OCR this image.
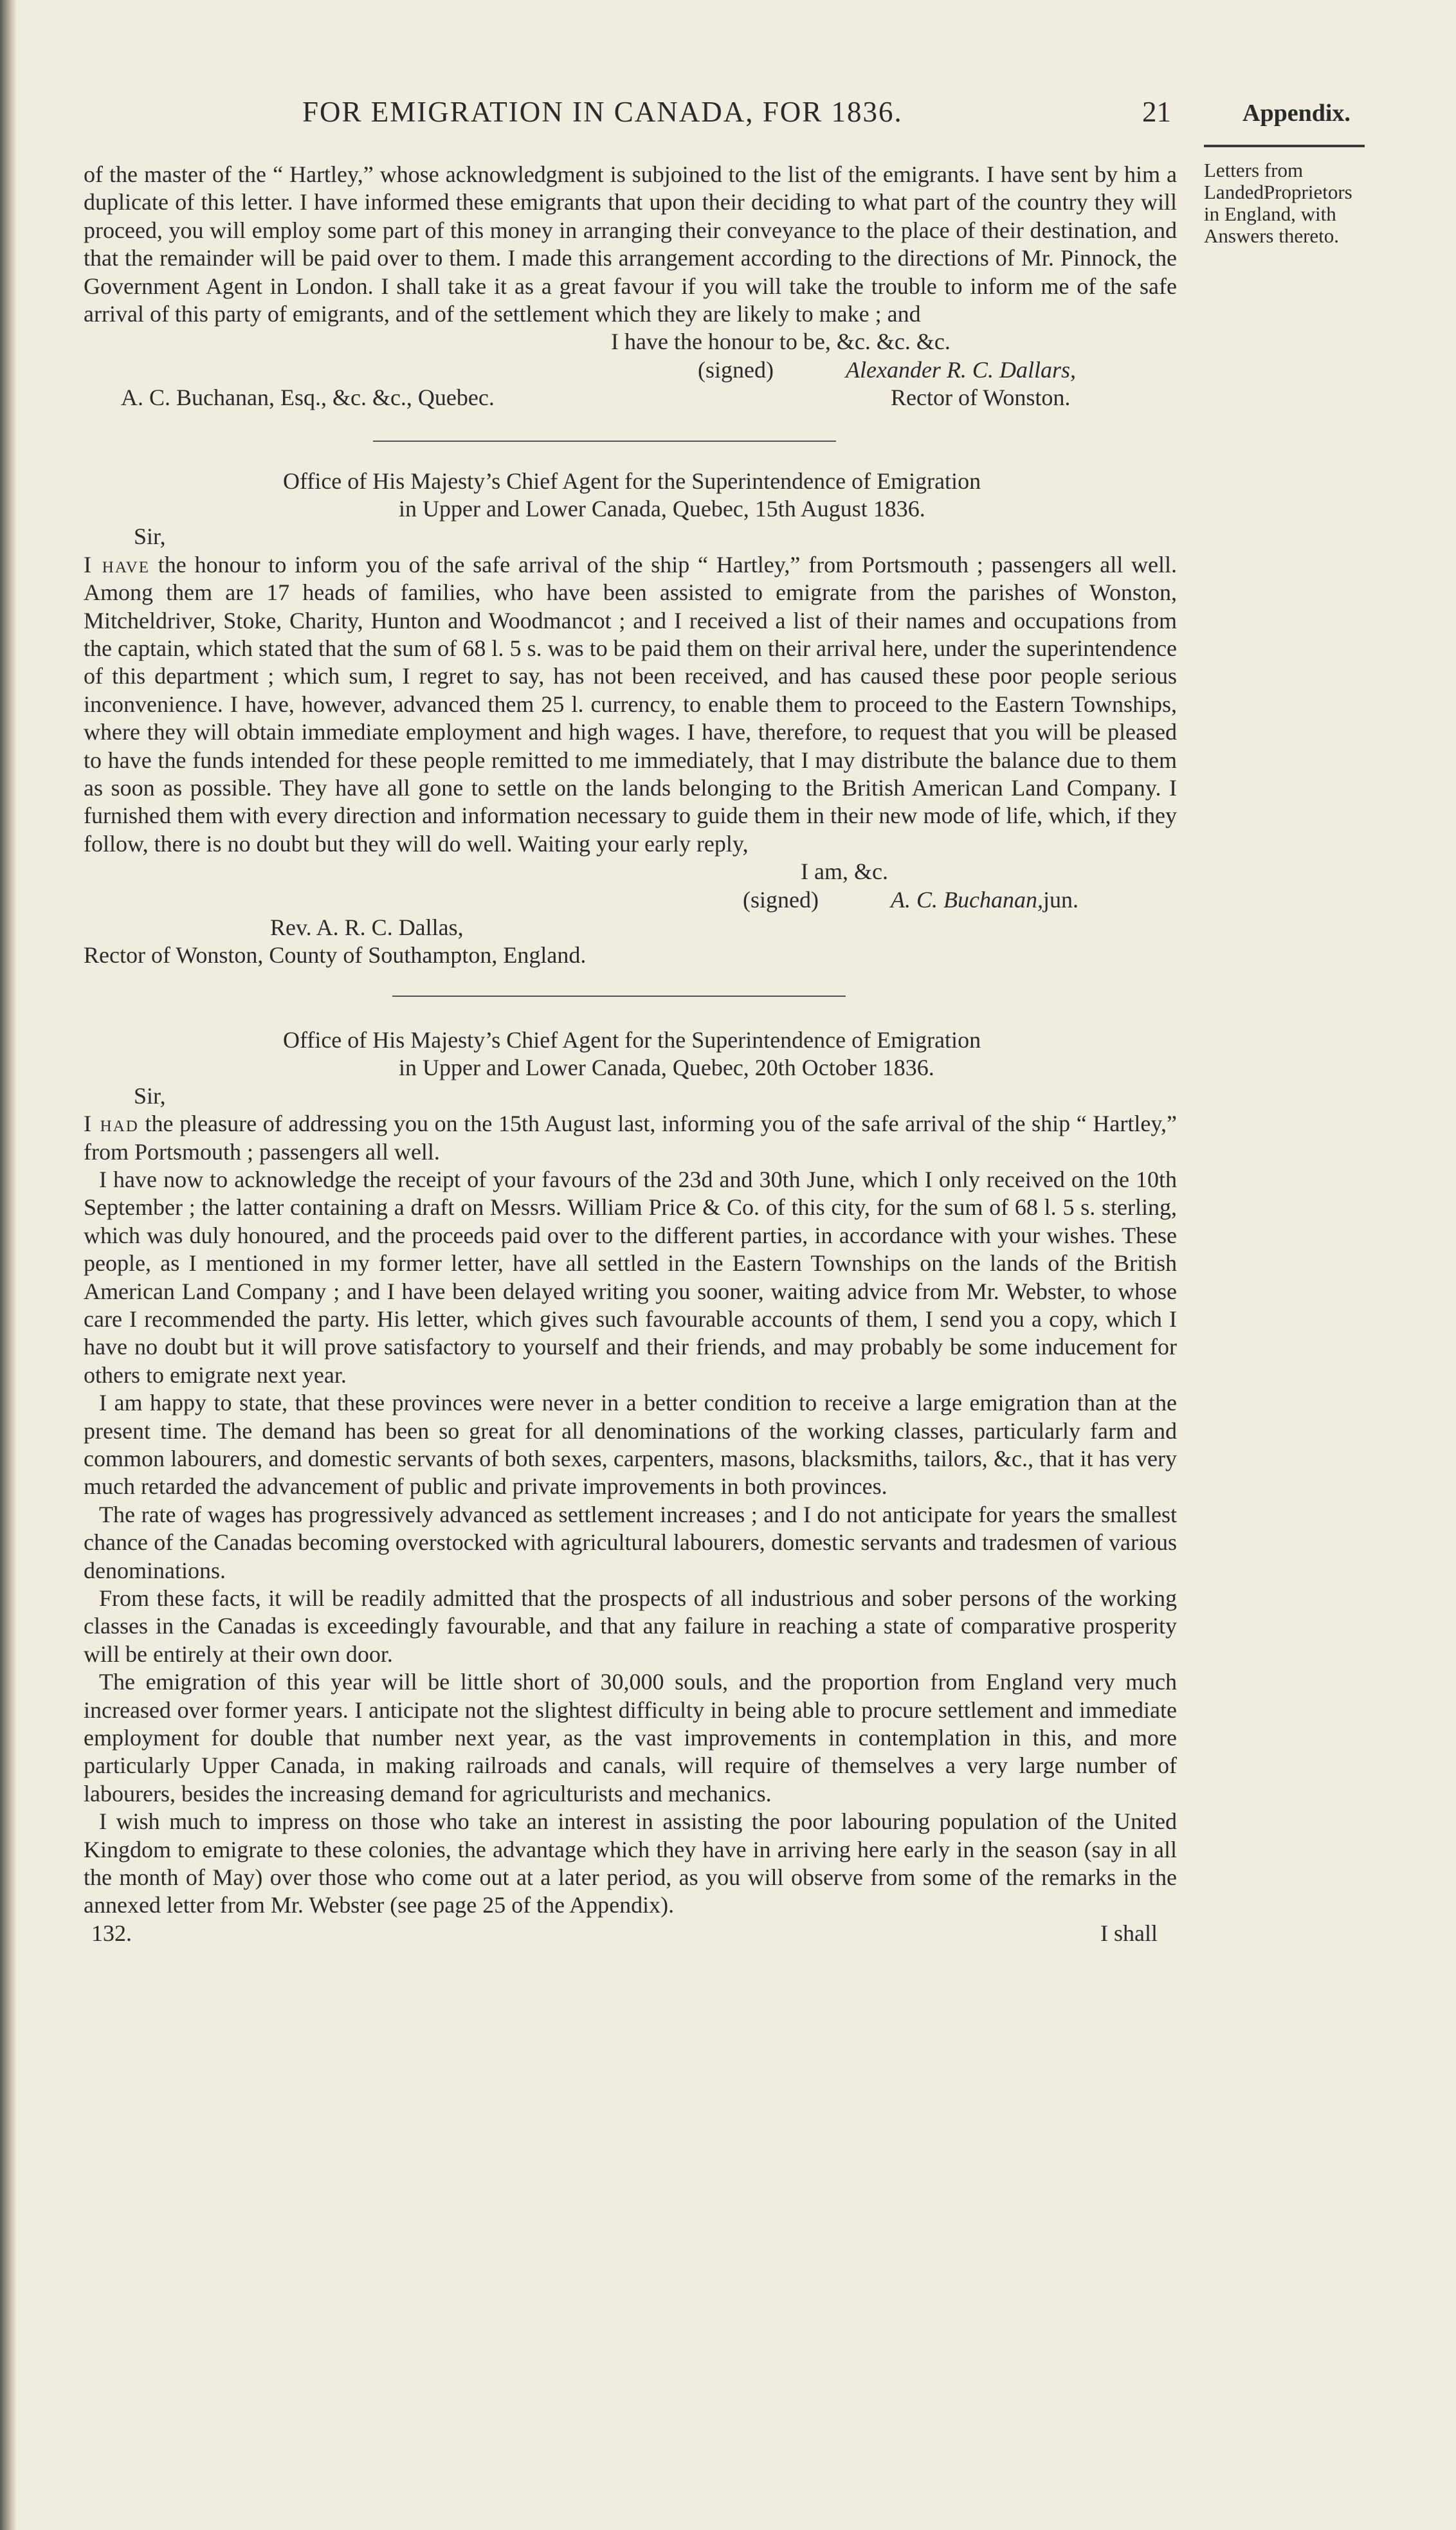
FOR EMIGRATION IN CANADA, FOR 1836.	21	Appendix.
Letters from
LandedProprietors
in England, with
Answers thereto.

of the master of the “ Hartley,” whose acknowledgment is subjoined to the list of the emigrants. I have sent by him a duplicate of this letter. I have informed these emigrants that upon their deciding to what part of the country they will proceed, you will employ some part of this money in arranging their conveyance to the place of their destination, and that the remainder will be paid over to them. I made this arrangement according to the directions of Mr. Pinnock, the Government Agent in London. I shall take it as a great favour if you will take the trouble to inform me of the safe arrival of this party of emigrants, and of the settlement which they are likely to make ; and

I have the honour to be, &c. &c. &c.
(signed)	Alexander R. C. Dallars,
A. C. Buchanan, Esq., &c. &c., Quebec.	Rector of Wonston.
Office of His Majesty’s Chief Agent for the Superintendence of Emigration
in Upper and Lower Canada, Quebec, 15th August 1836.
Sir,

I have the honour to inform you of the safe arrival of the ship “ Hartley,” from Portsmouth ; passengers all well. Among them are 17 heads of families, who have been assisted to emigrate from the parishes of Wonston, Mitcheldriver, Stoke, Charity, Hunton and Woodmancot ; and I received a list of their names and occupations from the captain, which stated that the sum of 68 l. 5 s. was to be paid them on their arrival here, under the superintendence of this department ; which sum, I regret to say, has not been received, and has caused these poor people serious inconvenience. I have, however, advanced them 25 l. currency, to enable them to proceed to the Eastern Townships, where they will obtain immediate employment and high wages. I have, therefore, to request that you will be pleased to have the funds intended for these people remitted to me immediately, that I may distribute the balance due to them as soon as possible. They have all gone to settle on the lands belonging to the British American Land Company. I furnished them with every direction and information necessary to guide them in their new mode of life, which, if they follow, there is no doubt but they will do well. Waiting your early reply,

I am, &c.
(signed)	A. C. Buchanan, jun.
Rev. A. R. C. Dallas,
Rector of Wonston, County of Southampton, England.
Office of His Majesty’s Chief Agent for the Superintendence of Emigration
in Upper and Lower Canada, Quebec, 20th October 1836.
Sir,

I had the pleasure of addressing you on the 15th August last, informing you of the safe arrival of the ship “ Hartley,” from Portsmouth ; passengers all well.

I have now to acknowledge the receipt of your favours of the 23d and 30th June, which I only received on the 10th September ; the latter containing a draft on Messrs. William Price & Co. of this city, for the sum of 68 l. 5 s. sterling, which was duly honoured, and the proceeds paid over to the different parties, in accordance with your wishes. These people, as I mentioned in my former letter, have all settled in the Eastern Townships on the lands of the British American Land Company ; and I have been delayed writing you sooner, waiting advice from Mr. Webster, to whose care I recommended the party. His letter, which gives such favourable accounts of them, I send you a copy, which I have no doubt but it will prove satisfactory to yourself and their friends, and may probably be some inducement for others to emigrate next year.

I am happy to state, that these provinces were never in a better condition to receive a large emigration than at the present time. The demand has been so great for all denominations of the working classes, particularly farm and common labourers, and domestic servants of both sexes, carpenters, masons, blacksmiths, tailors, &c., that it has very much retarded the advancement of public and private improvements in both provinces.

The rate of wages has progressively advanced as settlement increases ; and I do not anticipate for years the smallest chance of the Canadas becoming overstocked with agricultural labourers, domestic servants and tradesmen of various denominations.

From these facts, it will be readily admitted that the prospects of all industrious and sober persons of the working classes in the Canadas is exceedingly favourable, and that any failure in reaching a state of comparative prosperity will be entirely at their own door.

The emigration of this year will be little short of 30,000 souls, and the proportion from England very much increased over former years. I anticipate not the slightest difficulty in being able to procure settlement and immediate employment for double that number next year, as the vast improvements in contemplation in this, and more particularly Upper Canada, in making railroads and canals, will require of themselves a very large number of labourers, besides the increasing demand for agriculturists and mechanics.

I wish much to impress on those who take an interest in assisting the poor labouring population of the United Kingdom to emigrate to these colonies, the advantage which they have in arriving here early in the season (say in all the month of May) over those who come out at a later period, as you will observe from some of the remarks in the annexed letter from Mr. Webster (see page 25 of the Appendix).

132.	I shall
